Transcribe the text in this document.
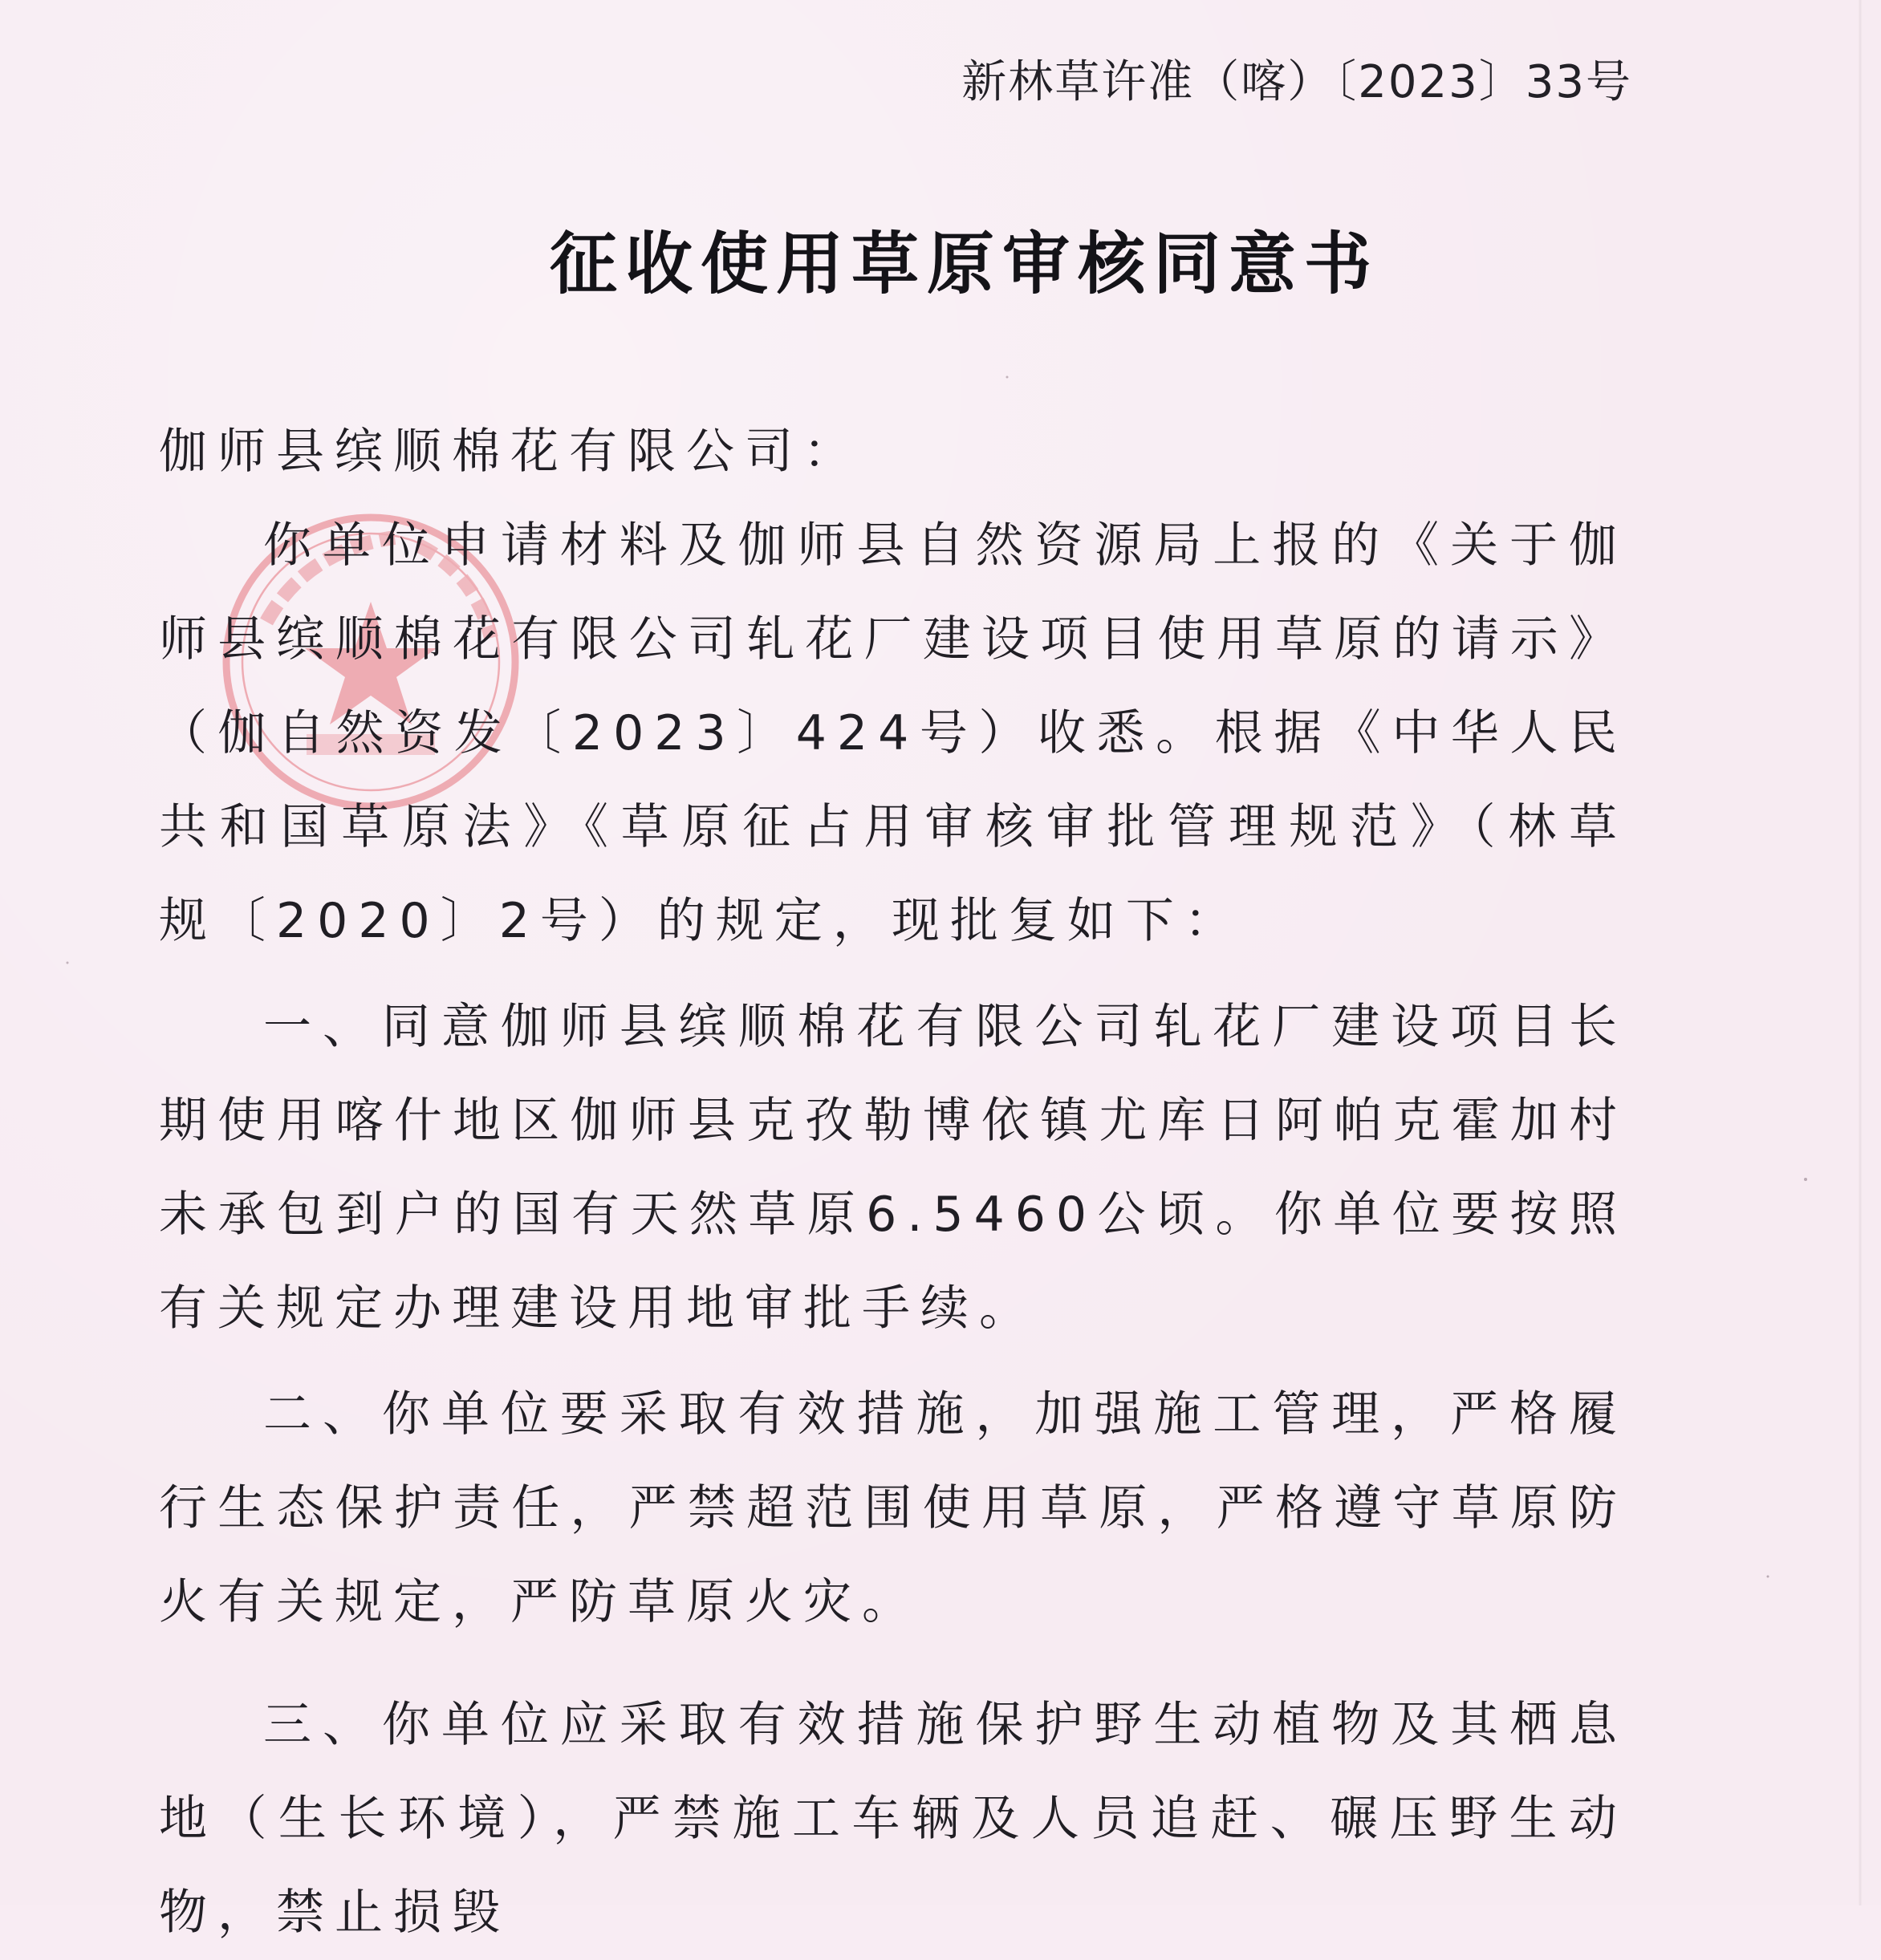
新林草许准（喀）〔2023〕33号
征收使用草原审核同意书

伽师县缤顺棉花有限公司：

你单位申请材料及伽师县自然资源局上报的《关于伽师县缤顺棉花有限公司轧花厂建设项目使用草原的请示》（伽自然资发〔2023〕424号）收悉。根据《中华人民共和国草原法》《草原征占用审核审批管理规范》（林草规〔2020〕2号）的规定，现批复如下：

一、同意伽师县缤顺棉花有限公司轧花厂建设项目长期使用喀什地区伽师县克孜勒博依镇尤库日阿帕克霍加村未承包到户的国有天然草原6.5460公顷。你单位要按照有关规定办理建设用地审批手续。

二、你单位要采取有效措施，加强施工管理，严格履行生态保护责任，严禁超范围使用草原，严格遵守草原防火有关规定，严防草原火灾。

三、你单位应采取有效措施保护野生动植物及其栖息地（生长环境），严禁施工车辆及人员追赶、碾压野生动物，禁止损毁
